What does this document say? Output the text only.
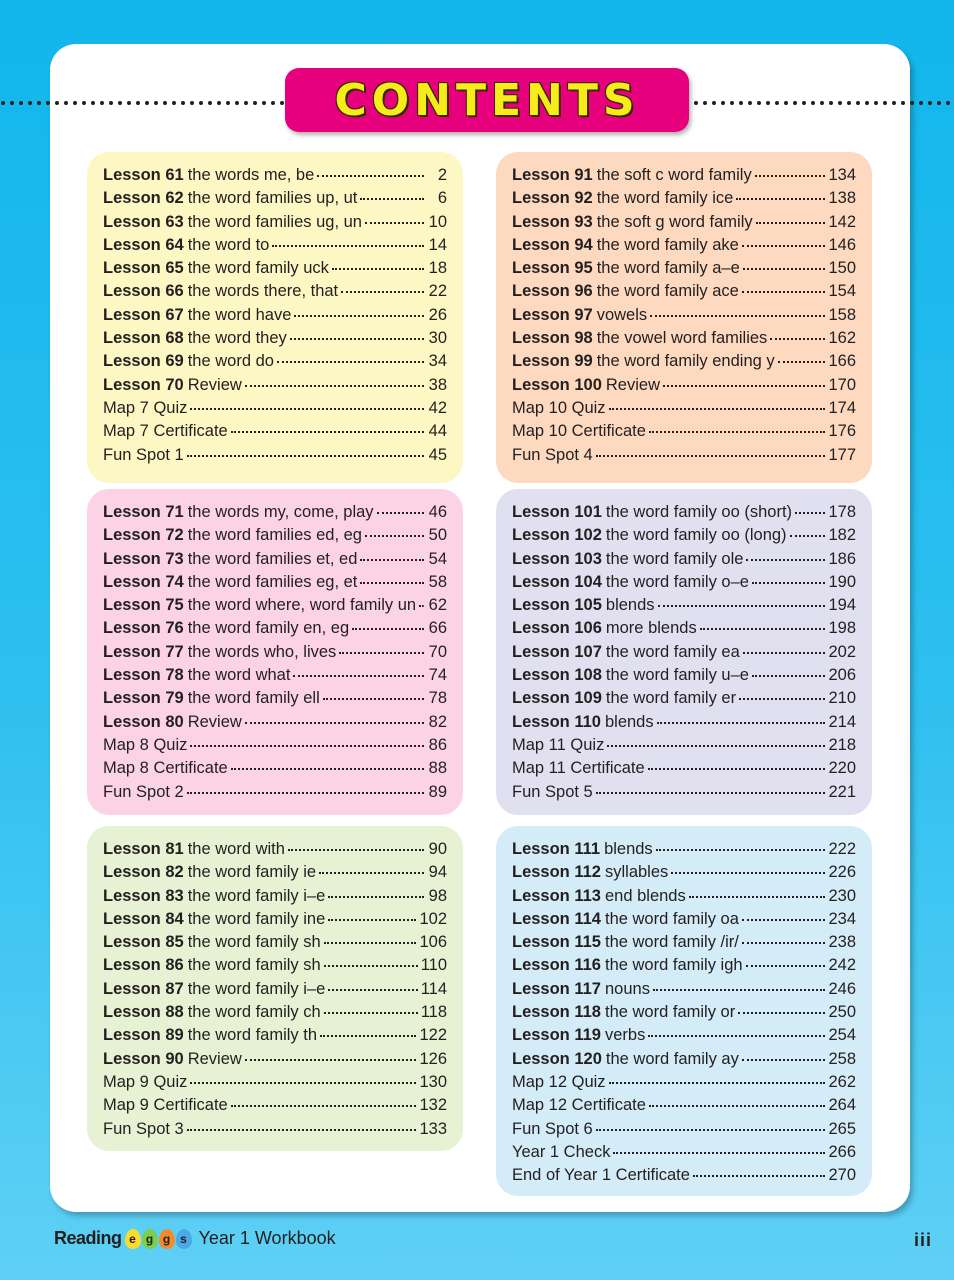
CONTENTS
Lesson 61 the words me, be	2
Lesson 62 the word families up, ut	6
Lesson 63 the word families ug, un	10
Lesson 64 the word to	14
Lesson 65 the word family uck	18
Lesson 66 the words there, that	22
Lesson 67 the word have	26
Lesson 68 the word they	30
Lesson 69 the word do	34
Lesson 70 Review	38
Map 7 Quiz	42
Map 7 Certificate	44
Fun Spot 1	45
Lesson 91 the soft c word family	134
Lesson 92 the word family ice	138
Lesson 93 the soft g word family	142
Lesson 94 the word family ake	146
Lesson 95 the word family a–e	150
Lesson 96 the word family ace	154
Lesson 97 vowels	158
Lesson 98 the vowel word families	162
Lesson 99 the word family ending y	166
Lesson 100 Review	170
Map 10 Quiz	174
Map 10 Certificate	176
Fun Spot 4	177
Lesson 71 the words my, come, play	46
Lesson 72 the word families ed, eg	50
Lesson 73 the word families et, ed	54
Lesson 74 the word families eg, et	58
Lesson 75 the word where, word family un 62
Lesson 76 the word family en, eg	66
Lesson 77 the words who, lives	70
Lesson 78 the word what	74
Lesson 79 the word family ell	78
Lesson 80 Review	82
Map 8 Quiz	86
Map 8 Certificate	88
Fun Spot 2	89
Lesson 101 the word family oo (short) 178
Lesson 102 the word family oo (long)	182
Lesson 103 the word family ole	186
Lesson 104 the word family o–e	190
Lesson 105 blends	194
Lesson 106 more blends	198
Lesson 107 the word family ea	202
Lesson 108 the word family u–e	206
Lesson 109 the word family er	210
Lesson 110 blends	214
Map 11 Quiz	218
Map 11 Certificate	220
Fun Spot 5	221
Lesson 81 the word with	90
Lesson 82 the word family ie	94
Lesson 83 the word family i–e	98
Lesson 84 the word family ine	102
Lesson 85 the word family sh	106
Lesson 86 the word family sh	110
Lesson 87 the word family i–e	114
Lesson 88 the word family ch	118
Lesson 89 the word family th	122
Lesson 90 Review	126
Map 9 Quiz	130
Map 9 Certificate	132
Fun Spot 3	133
Lesson 111 blends	222
Lesson 112 syllables	226
Lesson 113 end blends	230
Lesson 114 the word family oa	234
Lesson 115 the word family /ir/	238
Lesson 116 the word family igh	242
Lesson 117 nouns	246
Lesson 118 the word family or	250
Lesson 119 verbs	254
Lesson 120 the word family ay	258
Map 12 Quiz	262
Map 12 Certificate	264
Fun Spot 6	265
Year 1 Check	266
End of Year 1 Certificate	270
Reading e g g s Year 1 Workbook	iii
